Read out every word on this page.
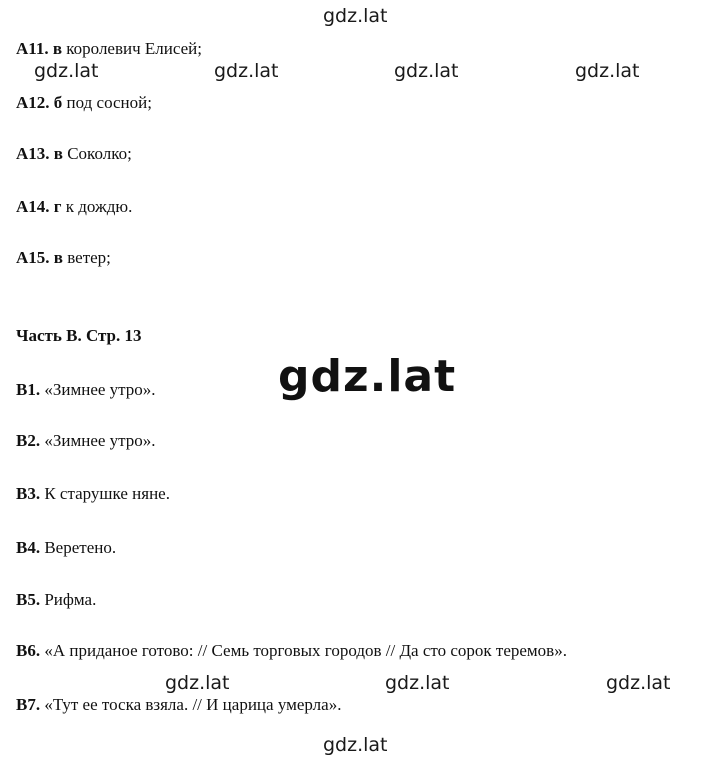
gdz.lat
gdz.lat	gdz.lat	gdz.lat	gdz.lat
gdz.lat
gdz.lat	gdz.lat	gdz.lat
gdz.lat
А11. в королевич Елисей;
А12. б под сосной;
А13. в Соколко;
А14. г к дождю.
А15. в ветер;
Часть В. Стр. 13
В1. «Зимнее утро».
В2. «Зимнее утро».
В3. К старушке няне.
В4. Веретено.
В5. Рифма.
В6. «А приданое готово: // Семь торговых городов // Да сто сорок теремов».
В7. «Тут ее тоска взяла. // И царица умерла».
